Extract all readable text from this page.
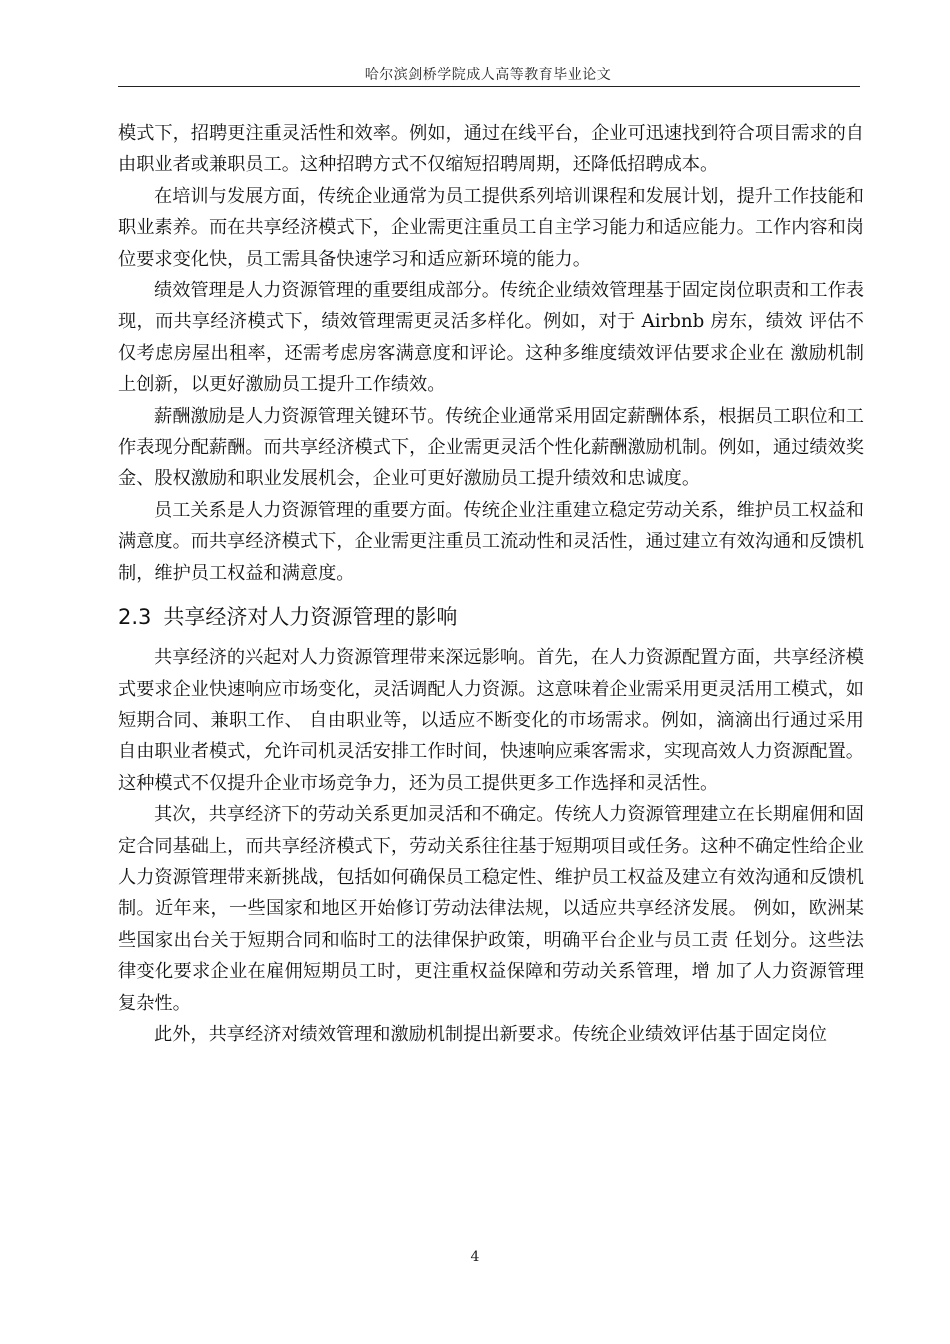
哈尔滨剑桥学院成人高等教育毕业论文

模式下，招聘更注重灵活性和效率。例如，通过在线平台，企业可迅速找到符合项目需求的自由职业者或兼职员工。这种招聘方式不仅缩短招聘周期，还降低招聘成本。

在培训与发展方面，传统企业通常为员工提供系列培训课程和发展计划，提升工作技能和职业素养。而在共享经济模式下，企业需更注重员工自主学习能力和适应能力。工作内容和岗位要求变化快，员工需具备快速学习和适应新环境的能力。

绩效管理是人力资源管理的重要组成部分。传统企业绩效管理基于固定岗位职责和工作表现，而共享经济模式下，绩效管理需更灵活多样化。例如，对于 Airbnb 房东，绩效 评估不仅考虑房屋出租率，还需考虑房客满意度和评论。这种多维度绩效评估要求企业在 激励机制上创新，以更好激励员工提升工作绩效。

薪酬激励是人力资源管理关键环节。传统企业通常采用固定薪酬体系，根据员工职位和工作表现分配薪酬。而共享经济模式下，企业需更灵活个性化薪酬激励机制。例如，通过绩效奖金、股权激励和职业发展机会，企业可更好激励员工提升绩效和忠诚度。

员工关系是人力资源管理的重要方面。传统企业注重建立稳定劳动关系，维护员工权益和满意度。而共享经济模式下，企业需更注重员工流动性和灵活性，通过建立有效沟通和反馈机制，维护员工权益和满意度。

2.3 共享经济对人力资源管理的影响

共享经济的兴起对人力资源管理带来深远影响。首先，在人力资源配置方面，共享经济模式要求企业快速响应市场变化，灵活调配人力资源。这意味着企业需采用更灵活用工模式，如短期合同、兼职工作、 自由职业等，以适应不断变化的市场需求。例如，滴滴出行通过采用自由职业者模式，允许司机灵活安排工作时间，快速响应乘客需求，实现高效人力资源配置。这种模式不仅提升企业市场竞争力，还为员工提供更多工作选择和灵活性。

其次，共享经济下的劳动关系更加灵活和不确定。传统人力资源管理建立在长期雇佣和固定合同基础上，而共享经济模式下，劳动关系往往基于短期项目或任务。这种不确定性给企业人力资源管理带来新挑战，包括如何确保员工稳定性、维护员工权益及建立有效沟通和反馈机制。近年来，一些国家和地区开始修订劳动法律法规，以适应共享经济发展。 例如，欧洲某些国家出台关于短期合同和临时工的法律保护政策，明确平台企业与员工责 任划分。这些法律变化要求企业在雇佣短期员工时，更注重权益保障和劳动关系管理，增 加了人力资源管理复杂性。

此外，共享经济对绩效管理和激励机制提出新要求。传统企业绩效评估基于固定岗位

4
